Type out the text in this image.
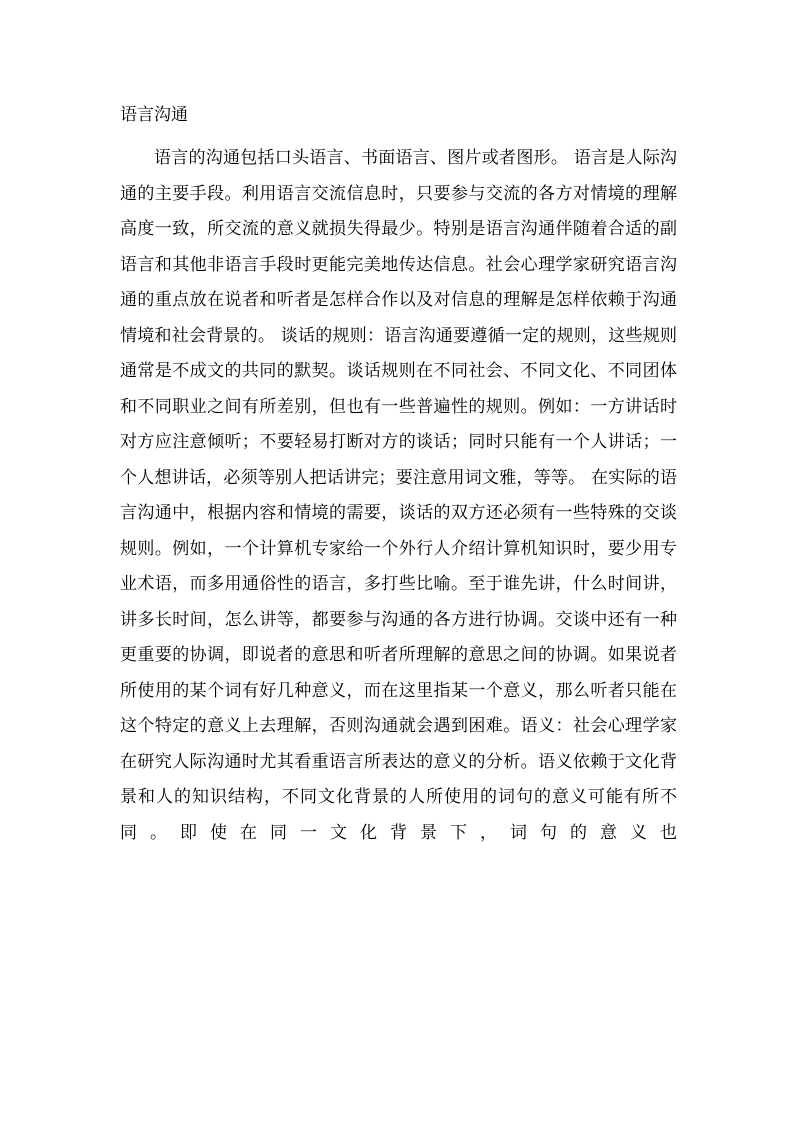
语言沟通

语言的沟通包括口头语言、书面语言、图片或者图形。 语言是人际沟通的主要手段。利用语言交流信息时，只要参与交流的各方对情境的理解高度一致，所交流的意义就损失得最少。特别是语言沟通伴随着合适的副语言和其他非语言手段时更能完美地传达信息。社会心理学家研究语言沟通的重点放在说者和听者是怎样合作以及对信息的理解是怎样依赖于沟通情境和社会背景的。 谈话的规则：语言沟通要遵循一定的规则，这些规则通常是不成文的共同的默契。谈话规则在不同社会、不同文化、不同团体和不同职业之间有所差别，但也有一些普遍性的规则。例如：一方讲话时对方应注意倾听；不要轻易打断对方的谈话；同时只能有一个人讲话；一个人想讲话，必须等别人把话讲完；要注意用词文雅，等等。 在实际的语言沟通中，根据内容和情境的需要，谈话的双方还必须有一些特殊的交谈规则。例如，一个计算机专家给一个外行人介绍计算机知识时，要少用专业术语，而多用通俗性的语言，多打些比喻。至于谁先讲，什么时间讲，讲多长时间，怎么讲等，都要参与沟通的各方进行协调。交谈中还有一种更重要的协调，即说者的意思和听者所理解的意思之间的协调。如果说者所使用的某个词有好几种意义，而在这里指某一个意义，那么听者只能在这个特定的意义上去理解，否则沟通就会遇到困难。语义：社会心理学家在研究人际沟通时尤其看重语言所表达的意义的分析。语义依赖于文化背景和人的知识结构，不同文化背景的人所使用的词句的意义可能有所不同。即使在同一文化背景下，词句的意义也
